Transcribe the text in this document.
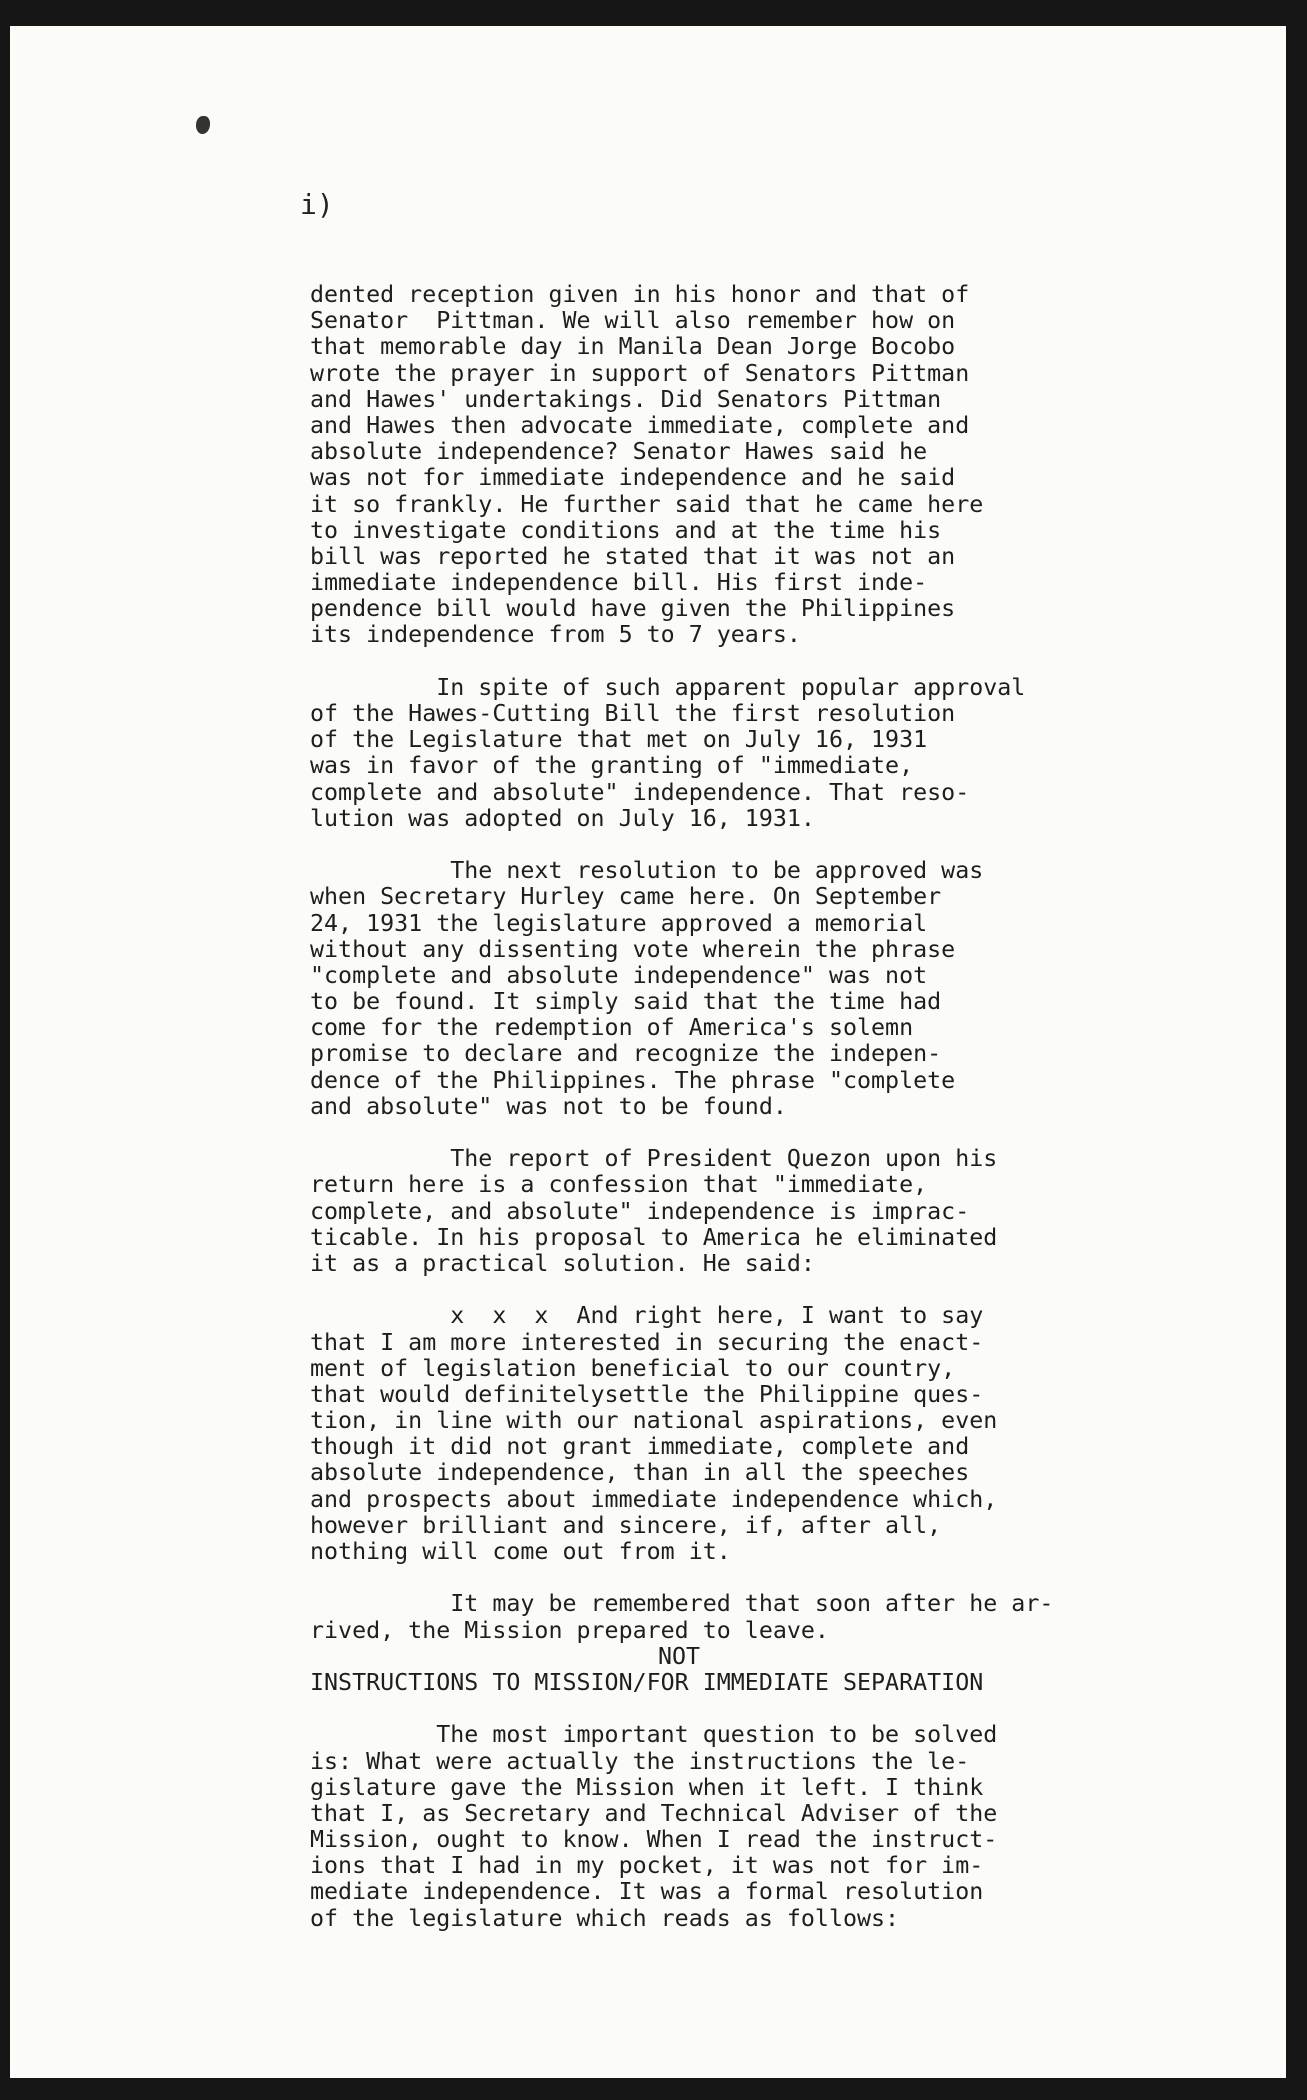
i)

dented reception given in his honor and that of
Senator  Pittman. We will also remember how on
that memorable day in Manila Dean Jorge Bocobo
wrote the prayer in support of Senators Pittman
and Hawes' undertakings. Did Senators Pittman
and Hawes then advocate immediate, complete and
absolute independence? Senator Hawes said he
was not for immediate independence and he said
it so frankly. He further said that he came here
to investigate conditions and at the time his
bill was reported he stated that it was not an
immediate independence bill. His first inde-
pendence bill would have given the Philippines
its independence from 5 to 7 years.
In spite of such apparent popular approval
of the Hawes-Cutting Bill the first resolution
of the Legislature that met on July 16, 1931
was in favor of the granting of "immediate,
complete and absolute" independence. That reso-
lution was adopted on July 16, 1931.
The next resolution to be approved was
when Secretary Hurley came here. On September
24, 1931 the legislature approved a memorial
without any dissenting vote wherein the phrase
"complete and absolute independence" was not
to be found. It simply said that the time had
come for the redemption of America's solemn
promise to declare and recognize the indepen-
dence of the Philippines. The phrase "complete
and absolute" was not to be found.
The report of President Quezon upon his
return here is a confession that "immediate,
complete, and absolute" independence is imprac-
ticable. In his proposal to America he eliminated
it as a practical solution. He said:
x  x  x  And right here, I want to say
that I am more interested in securing the enact-
ment of legislation beneficial to our country,
that would definitelysettle the Philippine ques-
tion, in line with our national aspirations, even
though it did not grant immediate, complete and
absolute independence, than in all the speeches
and prospects about immediate independence which,
however brilliant and sincere, if, after all,
nothing will come out from it.
It may be remembered that soon after he ar-
rived, the Mission prepared to leave.
NOT
INSTRUCTIONS TO MISSION/FOR IMMEDIATE SEPARATION
The most important question to be solved
is: What were actually the instructions the le-
gislature gave the Mission when it left. I think
that I, as Secretary and Technical Adviser of the
Mission, ought to know. When I read the instruct-
ions that I had in my pocket, it was not for im-
mediate independence. It was a formal resolution
of the legislature which reads as follows:
